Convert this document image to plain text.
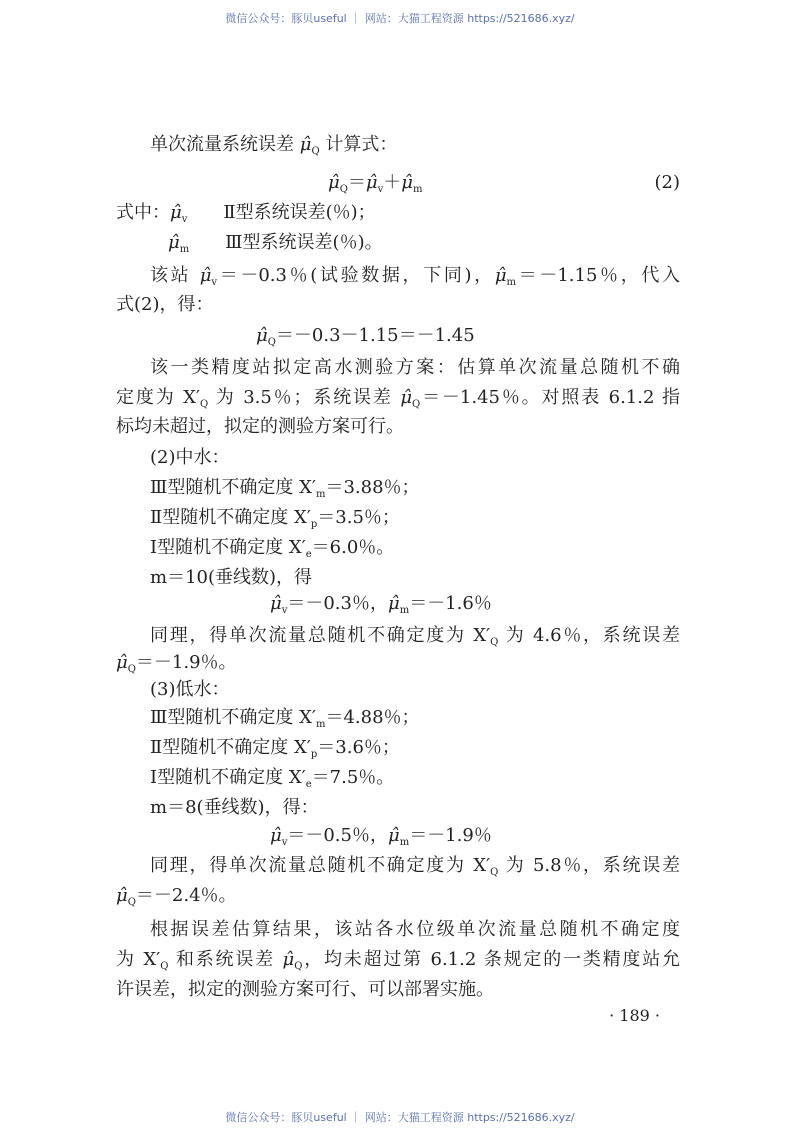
微信公众号：豚贝useful ｜ 网站：大猫工程资源 https://521686.xyz/
单次流量系统误差 $\mû_Q$ 计算式：
$\mû_Q=\mû_v+\mû_m$
式中：$\mû_v$　　Ⅱ型系统误差(％)；
　$\mû_m$　　Ⅲ型系统误差(％)。
该站 $\mû_v=-0.3$％(试验数据，下同)，$\mû_m=-1.15$％，代入
式(2)，得：
$\mû_Q=-0.3-1.15=-1.45$
该一类精度站拟定高水测验方案：估算单次流量总随机不确
定度为 $X'_Q$ 为 3.5％；系统误差 $\mû_Q=-1.45$％。对照表 6.1.2 指
标均未超过，拟定的测验方案可行。
(2)中水：
Ⅲ型随机不确定度 $X'_m=3.88$％；
Ⅱ型随机不确定度 $X'_p=3.5$％；
Ⅰ型随机不确定度 $X'_e=6.0$％。
m＝10(垂线数)，得
$\mû_v=-0.3$％，$\mû_m=-1.6$％
同理，得单次流量总随机不确定度为 $X'_Q$ 为 4.6％，系统误差
$\mû_Q=-1.9$％。
(3)低水：
Ⅲ型随机不确定度 $X'_m=4.88$％；
Ⅱ型随机不确定度 $X'_p=3.6$％；
Ⅰ型随机不确定度 $X'_e=7.5$％。
m＝8(垂线数)，得：
$\mû_v=-0.5$％，$\mû_m=-1.9$％
同理，得单次流量总随机不确定度为 $X'_Q$ 为 5.8％，系统误差
$\mû_Q=-2.4$％。
根据误差估算结果，该站各水位级单次流量总随机不确定度
为 $X'_Q$ 和系统误差 $\mû_Q$，均未超过第 6.1.2 条规定的一类精度站允
许误差，拟定的测验方案可行、可以部署实施。
(2)
· 189 ·
微信公众号：豚贝useful ｜ 网站：大猫工程资源 https://521686.xyz/
